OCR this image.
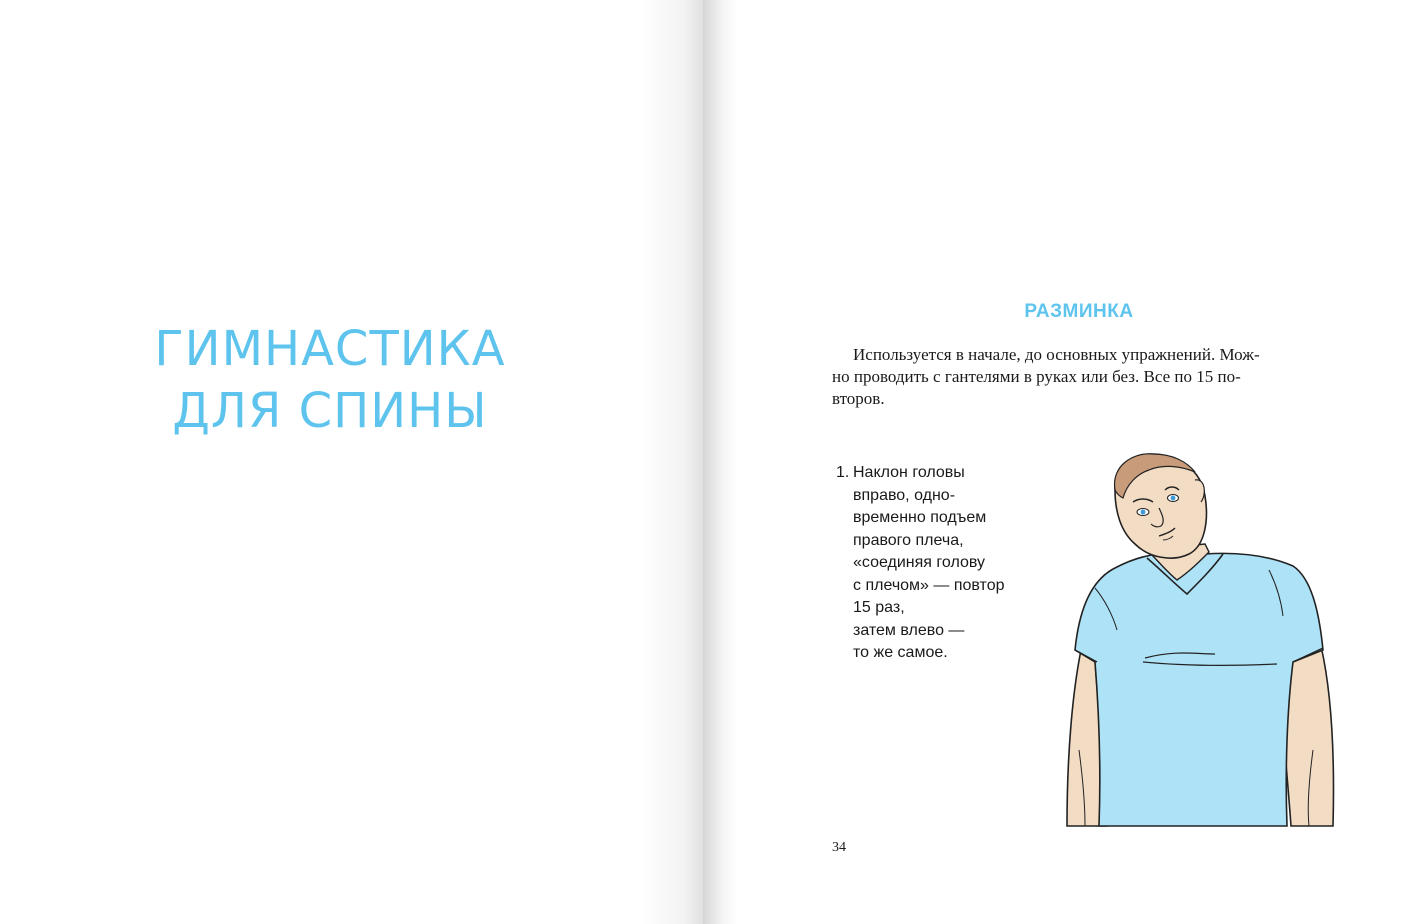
ГИМНАСТИКА
ДЛЯ СПИНЫ
РАЗМИНКА
Используется в начале, до основных упражнений. Мож-
но проводить с гантелями в руках или без. Все по 15 по-
второв.
1. Наклон головы
вправо, одно-
временно подъем
правого плеча,
«соединяя голову
с плечом» — повтор
15 раз,
затем влево —
то же самое.
34
